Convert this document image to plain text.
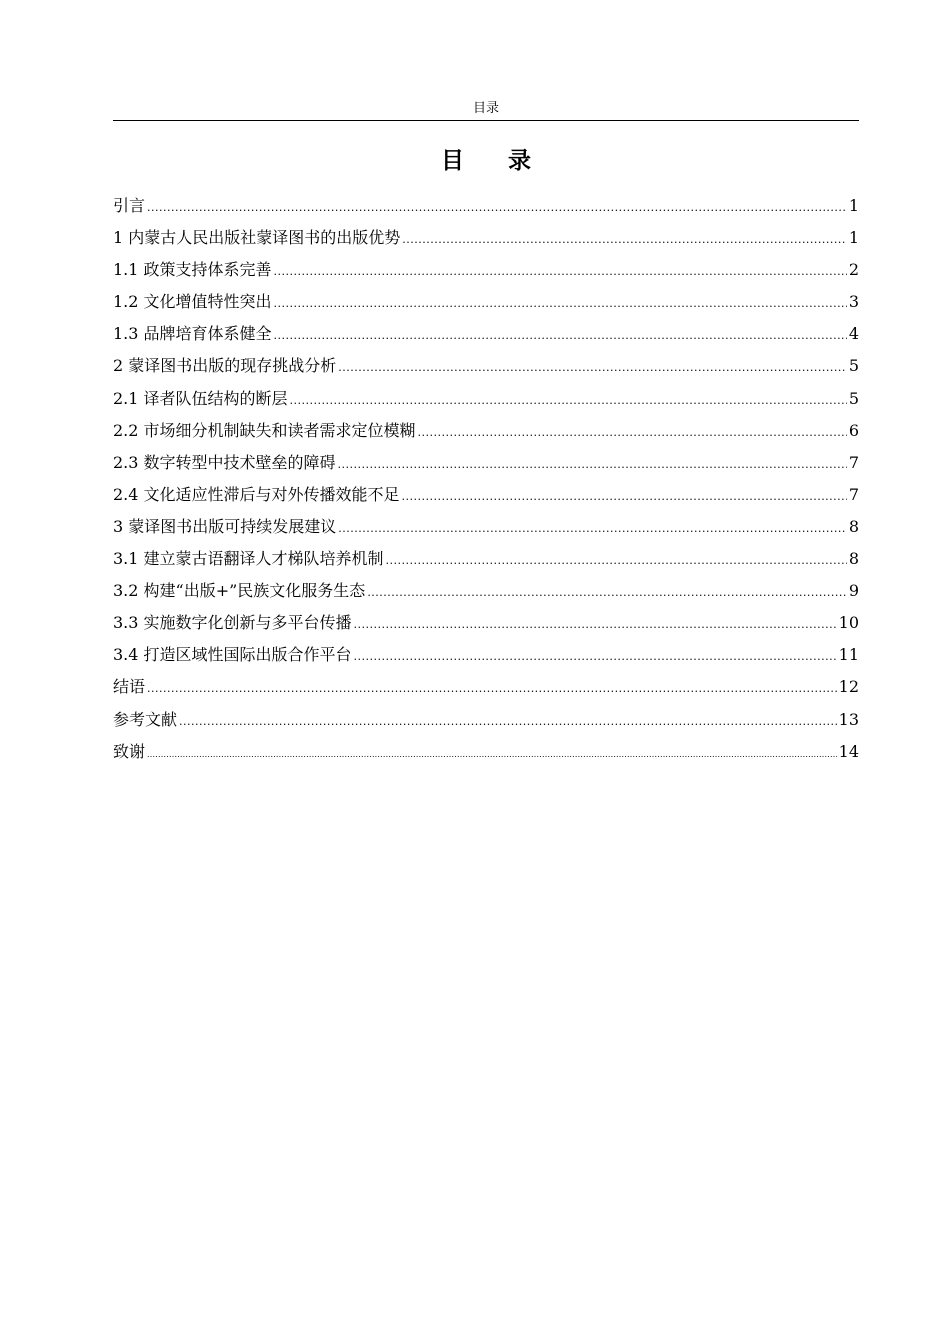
目录
目 录
引言 .....	1
1 内蒙古人民出版社蒙译图书的出版优势 .....	1
1.1 政策支持体系完善 .....	2
1.2 文化增值特性突出 .....	3
1.3 品牌培育体系健全 .....	4
2 蒙译图书出版的现存挑战分析 .....	5
2.1 译者队伍结构的断层 .....	5
2.2 市场细分机制缺失和读者需求定位模糊 .....	6
2.3 数字转型中技术壁垒的障碍 .....	7
2.4 文化适应性滞后与对外传播效能不足 .....	7
3 蒙译图书出版可持续发展建议 .....	8
3.1 建立蒙古语翻译人才梯队培养机制 .....	8
3.2 构建“出版+”民族文化服务生态 .....	9
3.3 实施数字化创新与多平台传播 .....	10
3.4 打造区域性国际出版合作平台 .....	11
结语 .....	12
参考文献 .....	13
致谢 .....	14
